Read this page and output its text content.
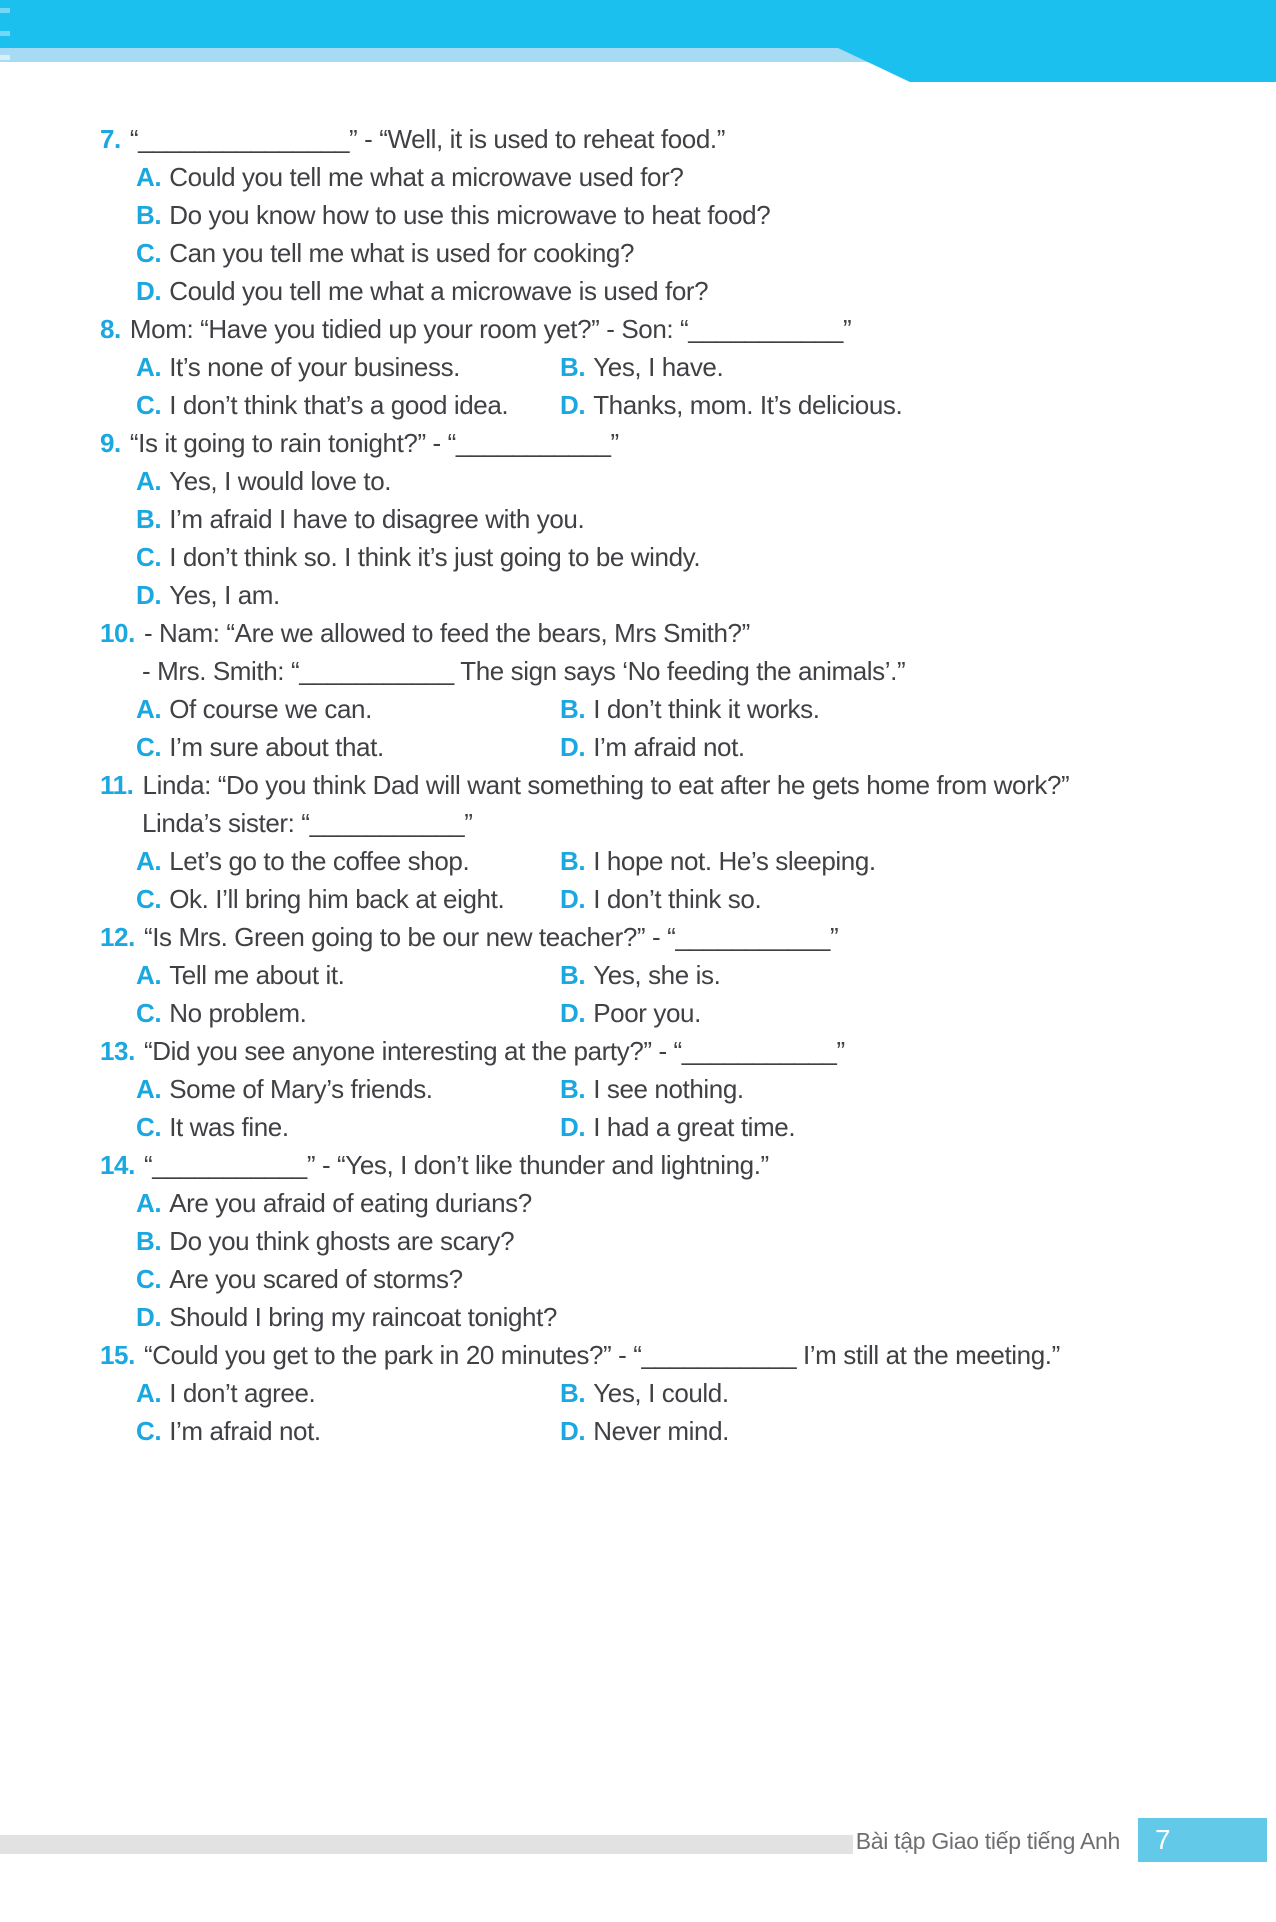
7. “_______________” - “Well, it is used to reheat food.”
A. Could you tell me what a microwave used for?
B. Do you know how to use this microwave to heat food?
C. Can you tell me what is used for cooking?
D. Could you tell me what a microwave is used for?
8. Mom: “Have you tidied up your room yet?” - Son: “___________”
A. It’s none of your business.	B. Yes, I have.
C. I don’t think that’s a good idea. D. Thanks, mom. It’s delicious.
9. “Is it going to rain tonight?” - “___________”
A. Yes, I would love to.
B. I’m afraid I have to disagree with you.
C. I don’t think so. I think it’s just going to be windy.
D. Yes, I am.
10. - Nam: “Are we allowed to feed the bears, Mrs Smith?”
- Mrs. Smith: “___________ The sign says ‘No feeding the animals’.”
A. Of course we can.	B. I don’t think it works.
C. I’m sure about that.	D. I’m afraid not.
11. Linda: “Do you think Dad will want something to eat after he gets home from work?”
Linda’s sister: “___________”
A. Let’s go to the coffee shop.	B. I hope not. He’s sleeping.
C. Ok. I’ll bring him back at eight. D. I don’t think so.
12. “Is Mrs. Green going to be our new teacher?” - “___________”
A. Tell me about it.	B. Yes, she is.
C. No problem.	D. Poor you.
13. “Did you see anyone interesting at the party?” - “___________”
A. Some of Mary’s friends.	B. I see nothing.
C. It was fine.	D. I had a great time.
14. “___________” - “Yes, I don’t like thunder and lightning.”
A. Are you afraid of eating durians?
B. Do you think ghosts are scary?
C. Are you scared of storms?
D. Should I bring my raincoat tonight?
15. “Could you get to the park in 20 minutes?” - “___________ I’m still at the meeting.”
A. I don’t agree.	B. Yes, I could.
C. I’m afraid not.	D. Never mind.
Bài tập Giao tiếp tiếng Anh	7
